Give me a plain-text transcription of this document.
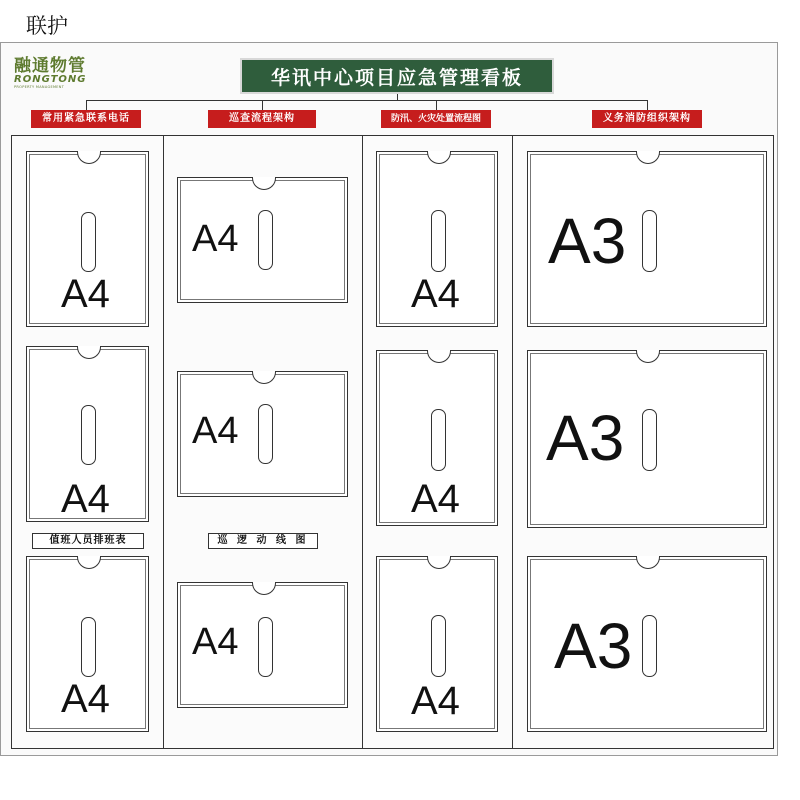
联护
融通物管
RONGTONG
PROPERTY MANAGEMENT	华讯中心项目应急管理看板
常用紧急联系电话	巡查流程架构	防汛、火灾处置流程图	义务消防组织架构
A4
A4
值班人员排班表
A4
A4
A4
巡 逻 动 线 图
A4
A4
A4
A4
A3
A3
A3
